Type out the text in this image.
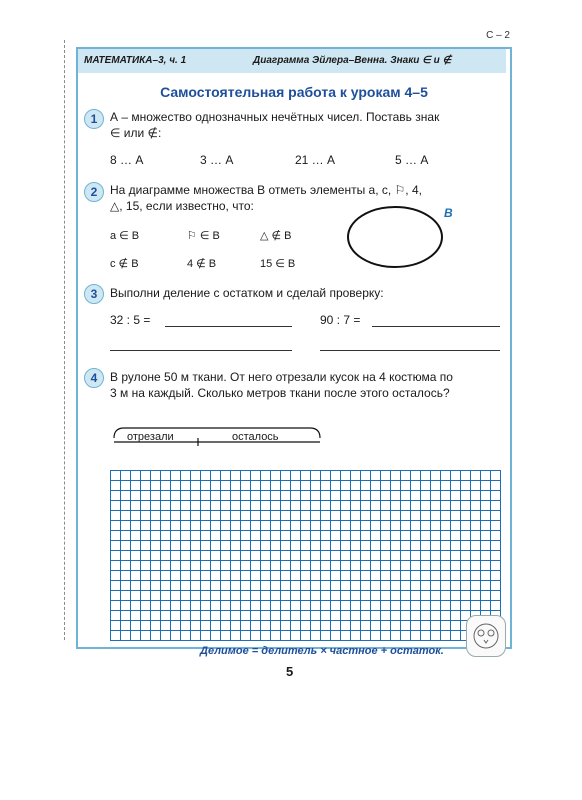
С – 2
МАТЕМАТИКА–3, ч. 1	Диаграмма Эйлера–Венна. Знаки ∈ и ∉
Самостоятельная работа к урокам 4–5
1	А – множество однозначных нечётных чисел. Поставь знак
∈ или ∉:
8 … А	3 … А	21 … А	5 … А
2	На диаграмме множества В отметь элементы a, c, ⚐, 4,
△, 15, если известно, что:
a ∈ В	⚐ ∈ В	△ ∉ В
c ∉ В	4 ∉ В	15 ∈ В
В
3	Выполни деление с остатком и сделай проверку:
32 : 5 =	90 : 7 =
4	В рулоне 50 м ткани. От него отрезали кусок на 4 костюма по
3 м на каждый. Сколько метров ткани после этого осталось?
отрезали	осталось
Делимое = делитель × частное + остаток.
5
